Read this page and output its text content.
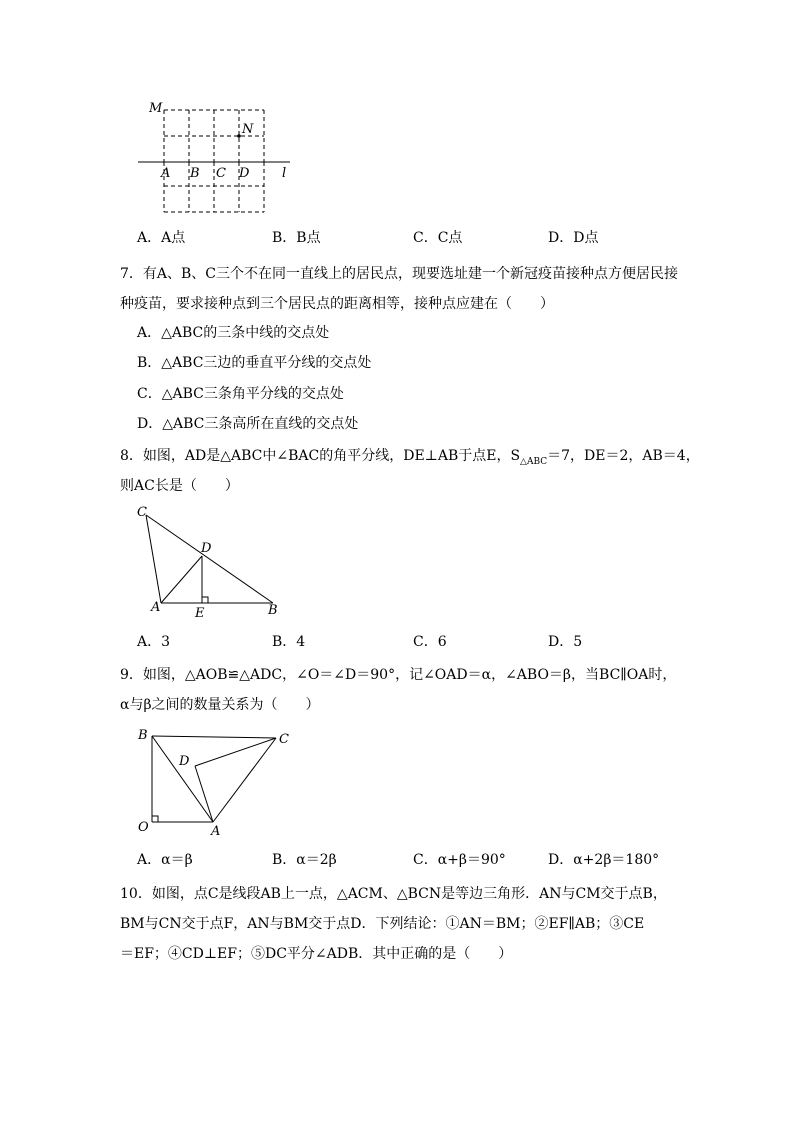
M
N
A B C D	l
A．A点	B．B点	C．C点	D．D点
7．有A、B、C三个不在同一直线上的居民点，现要选址建一个新冠疫苗接种点方便居民接
种疫苗，要求接种点到三个居民点的距离相等，接种点应建在（　　）
A．△ABC的三条中线的交点处
B．△ABC三边的垂直平分线的交点处
C．△ABC三条角平分线的交点处
D．△ABC三条高所在直线的交点处
8．如图，AD是△ABC中∠BAC的角平分线，DE⊥AB于点E，$S_{\triangle ABC}=7$，DE＝2，AB＝4，
则AC长是（　　）
C
D
A	E	B
A．3	B．4	C．6	D．5
9．如图，△AOB≌△ADC，∠O＝∠D＝90°，记∠OAD＝α，∠ABO＝β，当BC∥OA时，
α与β之间的数量关系为（　　）
B	C
D
O	A
A．α＝β	B．α＝2β	C．α+β＝90°	D．α+2β＝180°
10．如图，点C是线段AB上一点，△ACM、△BCN是等边三角形．AN与CM交于点B，
BM与CN交于点F，AN与BM交于点D．下列结论：①AN＝BM；②EF∥AB；③CE
＝EF；④CD⊥EF；⑤DC平分∠ADB．其中正确的是（　　）
